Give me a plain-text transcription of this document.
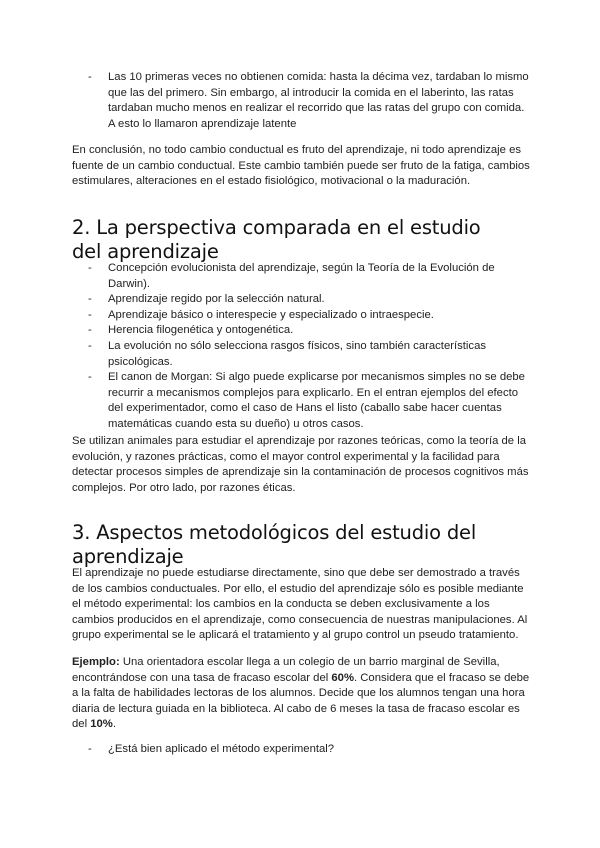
- Las 10 primeras veces no obtienen comida: hasta la décima vez, tardaban lo mismo que las del primero. Sin embargo, al introducir la comida en el laberinto, las ratas tardaban mucho menos en realizar el recorrido que las ratas del grupo con comida. A esto lo llamaron aprendizaje latente

En conclusión, no todo cambio conductual es fruto del aprendizaje, ni todo aprendizaje es fuente de un cambio conductual. Este cambio también puede ser fruto de la fatiga, cambios estimulares, alteraciones en el estado fisiológico, motivacional o la maduración.

2. La perspectiva comparada en el estudio del aprendizaje
- Concepción evolucionista del aprendizaje, según la Teoría de la Evolución de Darwin).
- Aprendizaje regido por la selección natural.
- Aprendizaje básico o interespecie y especializado o intraespecie.
- Herencia filogenética y ontogenética.
- La evolución no sólo selecciona rasgos físicos, sino también características psicológicas.
- El canon de Morgan: Si algo puede explicarse por mecanismos simples no se debe recurrir a mecanismos complejos para explicarlo. En el entran ejemplos del efecto del experimentador, como el caso de Hans el listo (caballo sabe hacer cuentas matemáticas cuando esta su dueño) u otros casos.

Se utilizan animales para estudiar el aprendizaje por razones teóricas, como la teoría de la evolución, y razones prácticas, como el mayor control experimental y la facilidad para detectar procesos simples de aprendizaje sin la contaminación de procesos cognitivos más complejos. Por otro lado, por razones éticas.

3. Aspectos metodológicos del estudio del aprendizaje

El aprendizaje no puede estudiarse directamente, sino que debe ser demostrado a través de los cambios conductuales. Por ello, el estudio del aprendizaje sólo es posible mediante el método experimental: los cambios en la conducta se deben exclusivamente a los cambios producidos en el aprendizaje, como consecuencia de nuestras manipulaciones. Al grupo experimental se le aplicará el tratamiento y al grupo control un pseudo tratamiento.

Ejemplo: Una orientadora escolar llega a un colegio de un barrio marginal de Sevilla, encontrándose con una tasa de fracaso escolar del 60%. Considera que el fracaso se debe a la falta de habilidades lectoras de los alumnos. Decide que los alumnos tengan una hora diaria de lectura guiada en la biblioteca. Al cabo de 6 meses la tasa de fracaso escolar es del 10%.

- ¿Está bien aplicado el método experimental?
